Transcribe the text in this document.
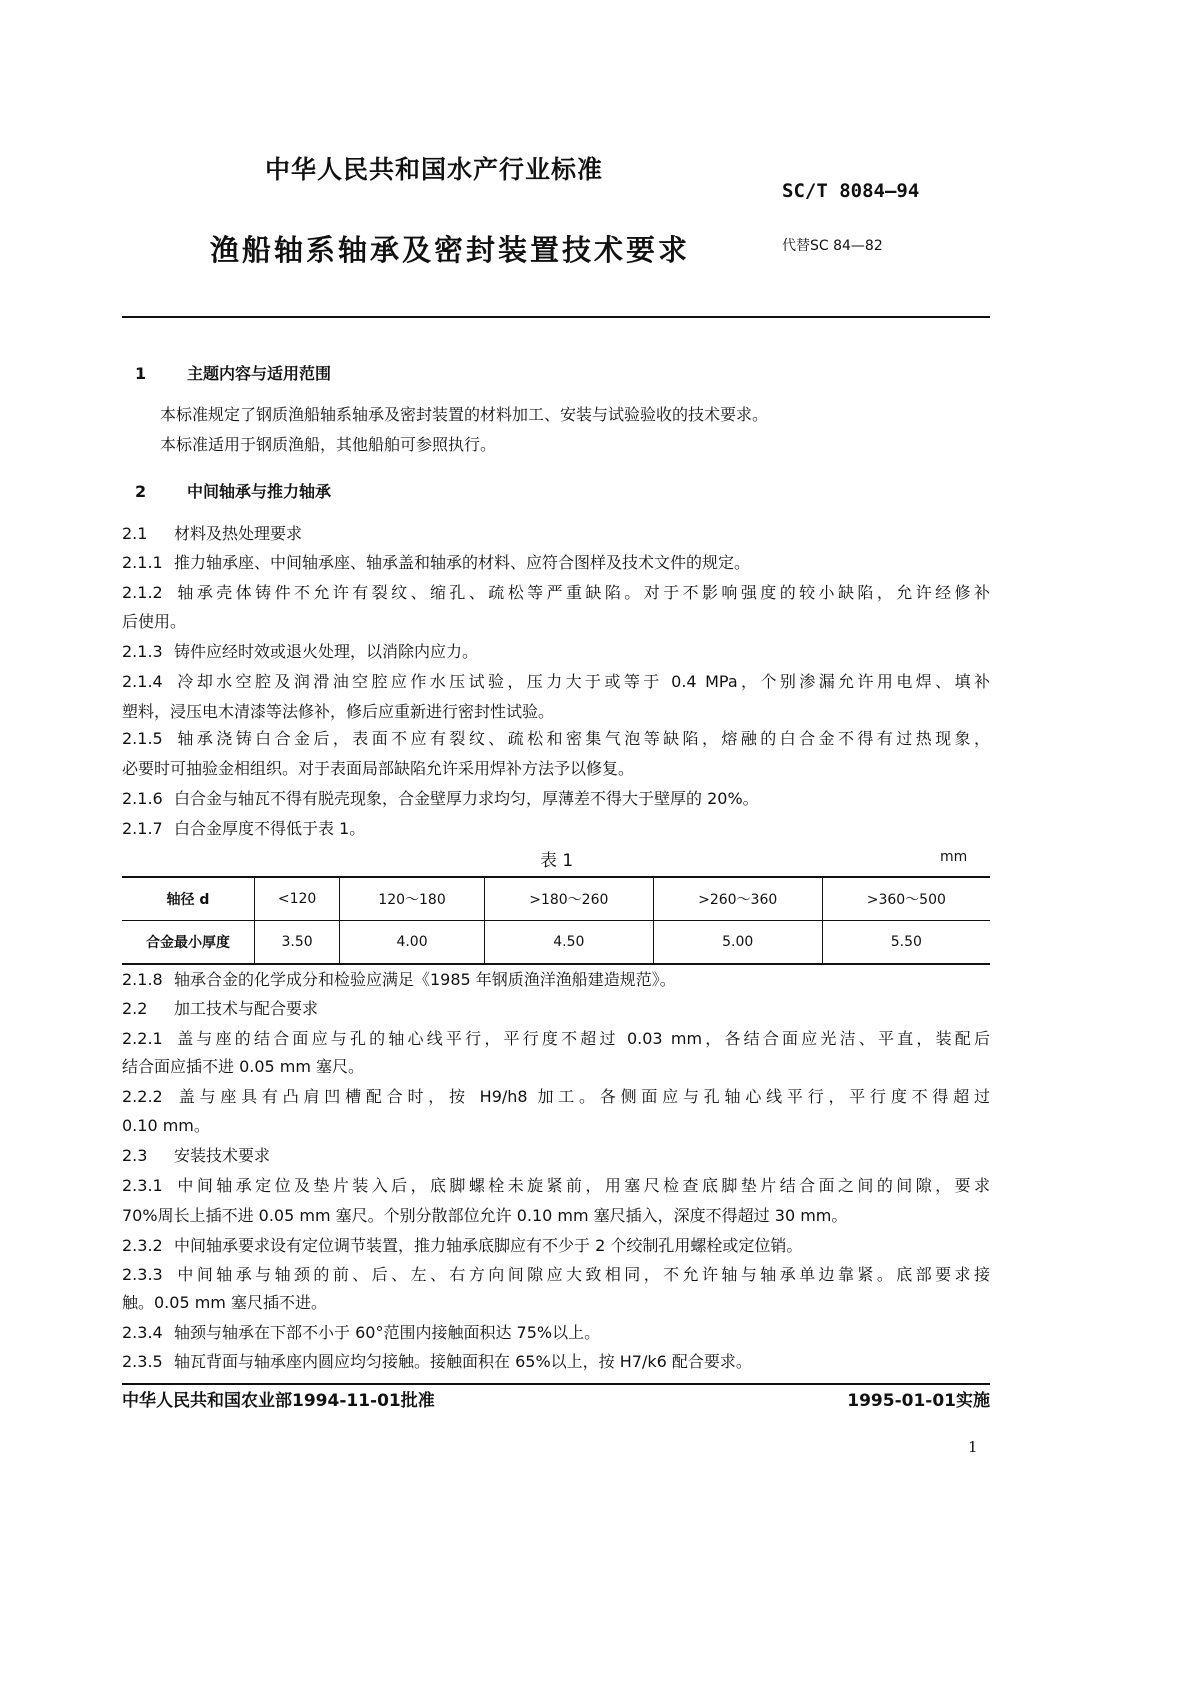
中华人民共和国水产行业标准
SC/T 8084—94
渔船轴系轴承及密封装置技术要求	代替SC 84—82
1	主题内容与适用范围
本标准规定了钢质渔船轴系轴承及密封装置的材料加工、安装与试验验收的技术要求。
本标准适用于钢质渔船，其他船舶可参照执行。
2	中间轴承与推力轴承
2.1 材料及热处理要求
2.1.1 推力轴承座、中间轴承座、轴承盖和轴承的材料、应符合图样及技术文件的规定。
2.1.2 轴承壳体铸件不允许有裂纹、缩孔、疏松等严重缺陷。对于不影响强度的较小缺陷，允许经修补
后使用。
2.1.3 铸件应经时效或退火处理，以消除内应力。
2.1.4 冷却水空腔及润滑油空腔应作水压试验，压力大于或等于 0.4 MPa，个别渗漏允许用电焊、填补
塑料，浸压电木清漆等法修补，修后应重新进行密封性试验。
2.1.5 轴承浇铸白合金后，表面不应有裂纹、疏松和密集气泡等缺陷，熔融的白合金不得有过热现象，
必要时可抽验金相组织。对于表面局部缺陷允许采用焊补方法予以修复。
2.1.6 白合金与轴瓦不得有脱壳现象，合金壁厚力求均匀，厚薄差不得大于壁厚的 20%。
2.1.7 白合金厚度不得低于表 1。
表 1	mm
轴径 d	<120	120～180	>180～260	>260～360	>360～500
合金最小厚度	3.50	4.00	4.50	5.00	5.50
2.1.8 轴承合金的化学成分和检验应满足《1985 年钢质渔洋渔船建造规范》。
2.2 加工技术与配合要求
2.2.1 盖与座的结合面应与孔的轴心线平行，平行度不超过 0.03 mm，各结合面应光洁、平直，装配后
结合面应插不进 0.05 mm 塞尺。
2.2.2 盖与座具有凸肩凹槽配合时，按 H9/h8 加工。各侧面应与孔轴心线平行，平行度不得超过
0.10 mm。
2.3 安装技术要求
2.3.1 中间轴承定位及垫片装入后，底脚螺栓未旋紧前，用塞尺检查底脚垫片结合面之间的间隙，要求
70%周长上插不进 0.05 mm 塞尺。个别分散部位允许 0.10 mm 塞尺插入，深度不得超过 30 mm。
2.3.2 中间轴承要求设有定位调节装置，推力轴承底脚应有不少于 2 个绞制孔用螺栓或定位销。
2.3.3 中间轴承与轴颈的前、后、左、右方向间隙应大致相同，不允许轴与轴承单边靠紧。底部要求接
触。0.05 mm 塞尺插不进。
2.3.4 轴颈与轴承在下部不小于 60°范围内接触面积达 75%以上。
2.3.5 轴瓦背面与轴承座内圆应均匀接触。接触面积在 65%以上，按 H7/k6 配合要求。
中华人民共和国农业部1994-11-01批准	1995-01-01实施
1
